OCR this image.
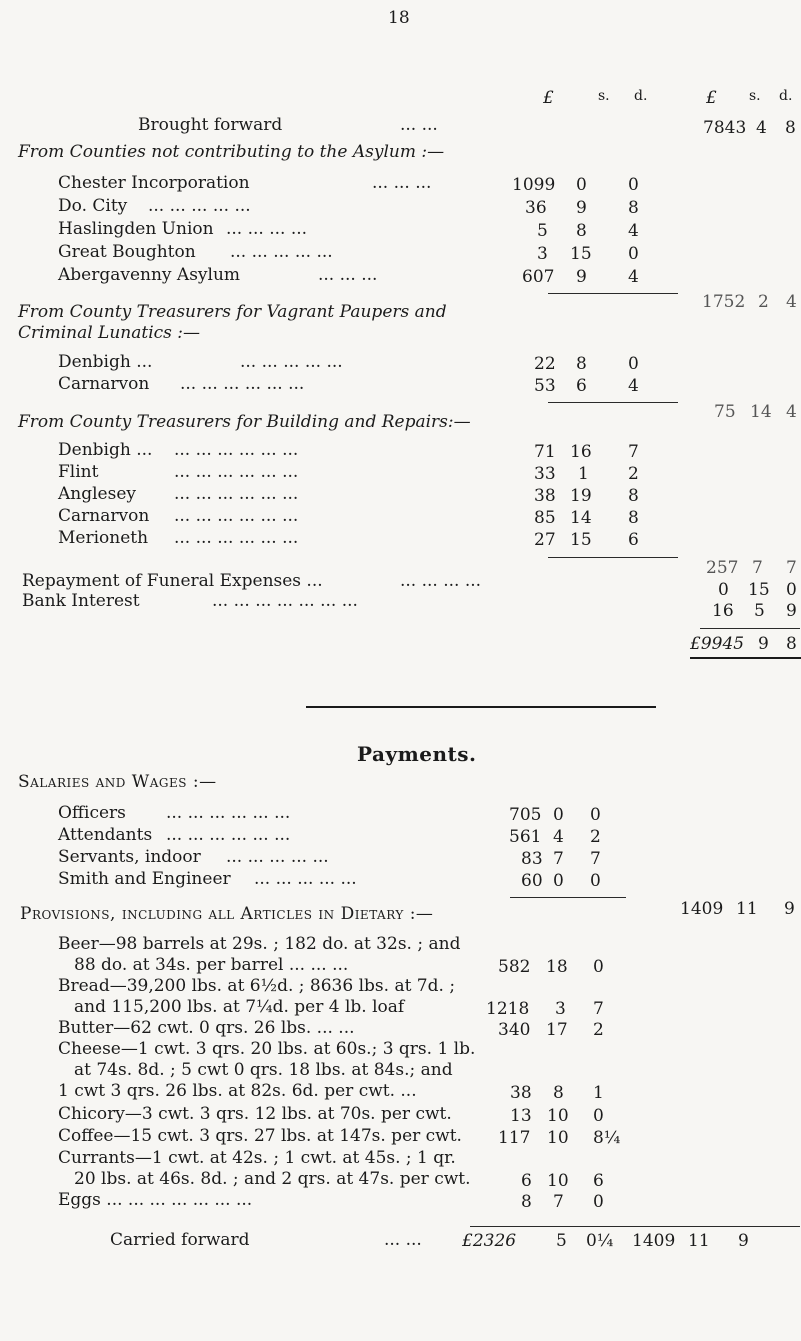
18
£	s. d.	£ s. d.
Brought forward	... ...	7843 4 8
From Counties not contributing to the Asylum :—
Chester Incorporation	... ... ...	1099 0 0
Do. City ... ... ... ... ...	36 9 8
Haslingden Union ... ... ... ...	5 8 4
Great Boughton ... ... ... ... ...	3 15 0
Abergavenny Asylum	... ... ...	607 9 4
1752 2 4
From County Treasurers for Vagrant Paupers and
Criminal Lunatics :—
Denbigh ...	... ... ... ... ...	22 8 0
Carnarvon ... ... ... ... ... ...	53 6 4
75 14 4
From County Treasurers for Building and Repairs:—
Denbigh ... ... ... ... ... ... ...	71 16 7
Flint	... ... ... ... ... ...	33 1 2
Anglesey ... ... ... ... ... ...	38 19 8
Carnarvon ... ... ... ... ... ...	85 14 8
Merioneth ... ... ... ... ... ...	27 15 6
257 7 7
Repayment of Funeral Expenses ...	... ... ... ...	0 15 0
Bank Interest	... ... ... ... ... ... ...	16 5 9
£9945 9 8
Payments.
Salaries and Wages :—
Officers ... ... ... ... ... ...	705 0 0
Attendants ... ... ... ... ... ...	561 4 2
Servants, indoor ... ... ... ... ...	83 7 7
Smith and Engineer ... ... ... ... ...	60 0 0
1409 11 9
Provisions, including all Articles in Dietary :—
Beer—98 barrels at 29s. ; 182 do. at 32s. ; and
88 do. at 34s. per barrel ... ... ...	582 18 0
Bread—39,200 lbs. at 6½d. ; 8636 lbs. at 7d. ;
and 115,200 lbs. at 7¼d. per 4 lb. loaf	1218 3 7
Butter—62 cwt. 0 qrs. 26 lbs. ... ...	340 17 2
Cheese—1 cwt. 3 qrs. 20 lbs. at 60s.; 3 qrs. 1 lb.
at 74s. 8d. ; 5 cwt 0 qrs. 18 lbs. at 84s.; and
1 cwt 3 qrs. 26 lbs. at 82s. 6d. per cwt. ...	38 8 1
Chicory—3 cwt. 3 qrs. 12 lbs. at 70s. per cwt.	13 10 0
Coffee—15 cwt. 3 qrs. 27 lbs. at 147s. per cwt. 117 10 8¼
Currants—1 cwt. at 42s. ; 1 cwt. at 45s. ; 1 qr.
20 lbs. at 46s. 8d. ; and 2 qrs. at 47s. per cwt.	6 10 6
Eggs ... ... ... ... ... ... ...	8 7 0
Carried forward	... ... £2326 5 0¼ 1409 11 9
